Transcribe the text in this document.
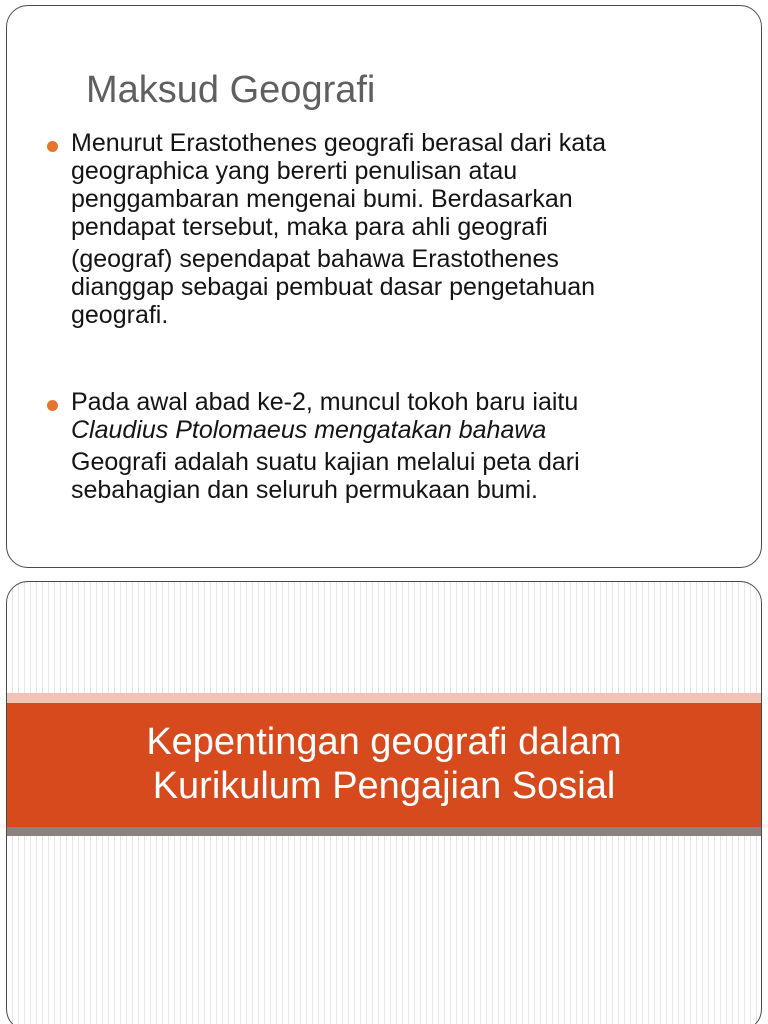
Maksud Geografi
Menurut Erastothenes geografi berasal dari kata
geographica yang bererti penulisan atau
penggambaran mengenai bumi. Berdasarkan
pendapat tersebut, maka para ahli geografi
(geograf) sependapat bahawa Erastothenes
dianggap sebagai pembuat dasar pengetahuan
geografi.
Pada awal abad ke-2, muncul tokoh baru iaitu
Claudius Ptolomaeus mengatakan bahawa
Geografi adalah suatu kajian melalui peta dari
sebahagian dan seluruh permukaan bumi.
Kepentingan geografi dalam
Kurikulum Pengajian Sosial
